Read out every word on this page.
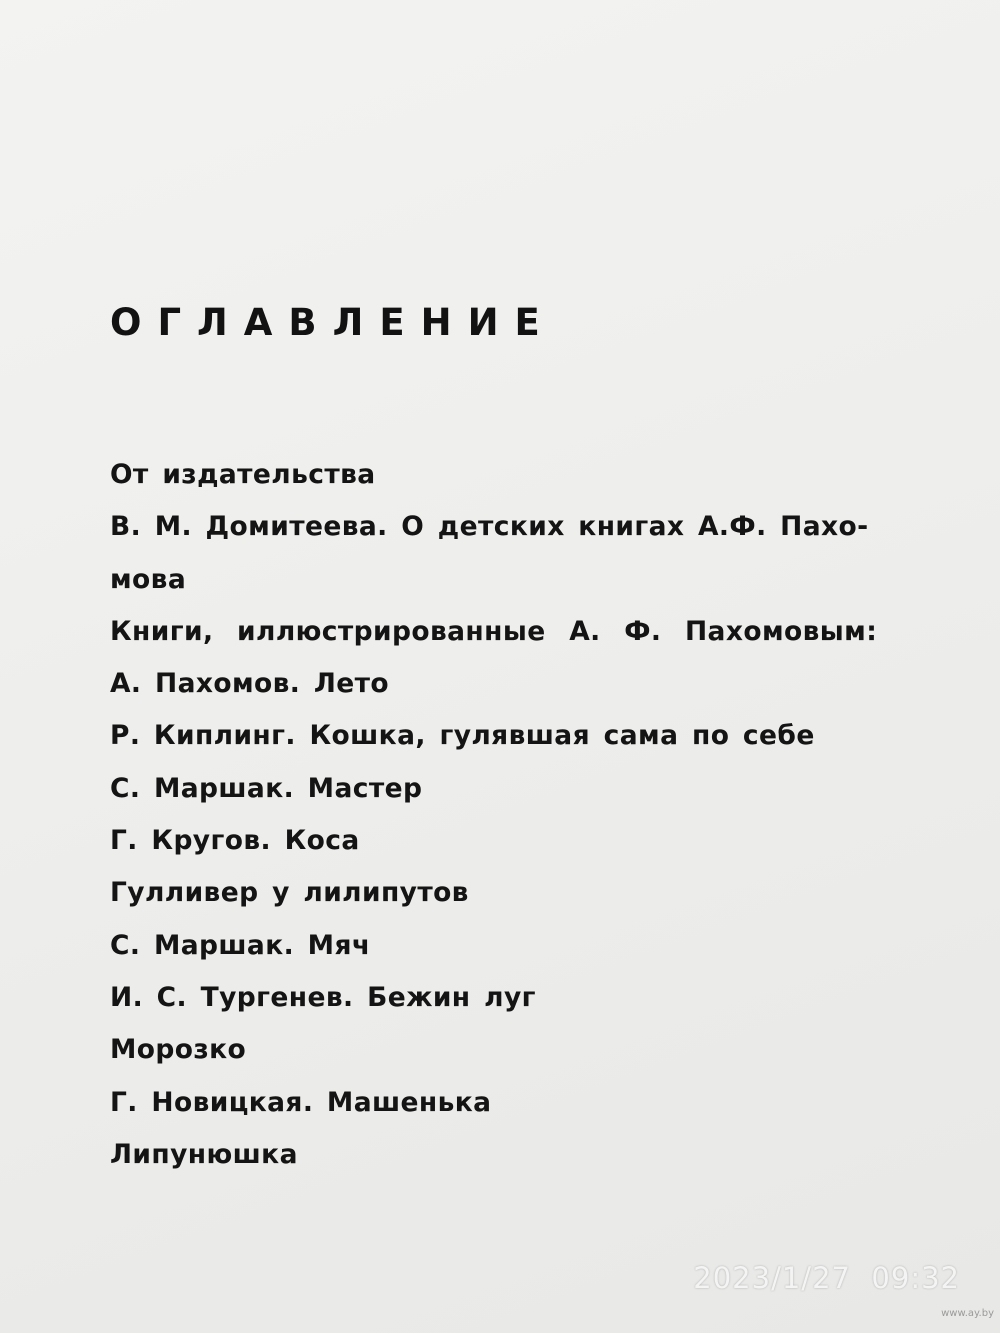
ОГЛАВЛЕНИЕ
От издательства
В. М. Домитеева. О детских книгах А.Ф. Пахо-
мова
Книги, иллюстрированные А. Ф. Пахомовым:
А. Пахомов. Лето
Р. Киплинг. Кошка, гулявшая сама по себе
С. Маршак. Мастер
Г. Кругов. Коса
Гулливер у лилипутов
С. Маршак. Мяч
И. С. Тургенев. Бежин луг
Морозко
Г. Новицкая. Машенька
Липунюшка
2023/1/27  09:32
www.ay.by
